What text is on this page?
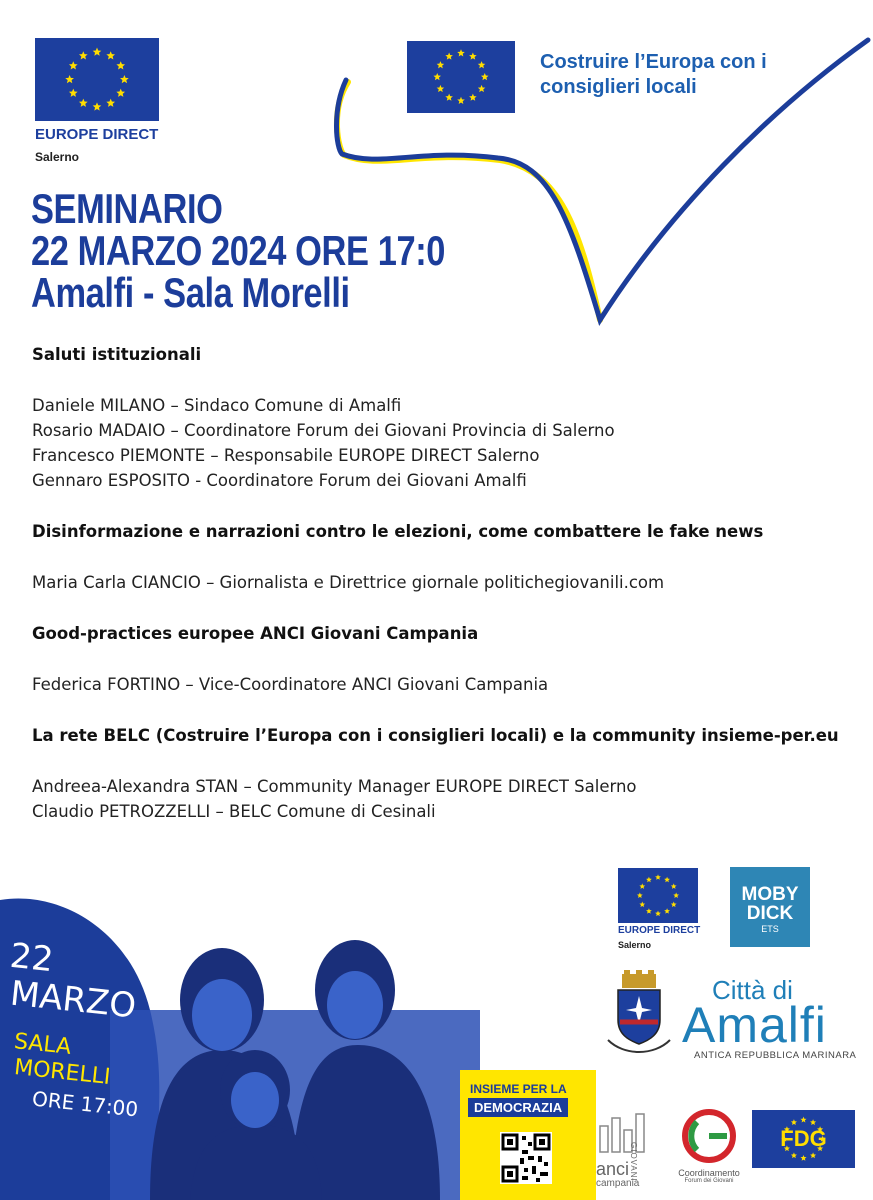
EUROPE DIRECT
Salerno
Costruire l’Europa con i
consiglieri locali
SEMINARIO
22 MARZO 2024 ORE 17:0
Amalfi - Sala Morelli
Saluti istituzionali
Daniele MILANO – Sindaco Comune di Amalfi
Rosario MADAIO – Coordinatore Forum dei Giovani Provincia di Salerno
Francesco PIEMONTE – Responsabile EUROPE DIRECT Salerno
Gennaro ESPOSITO - Coordinatore Forum dei Giovani Amalfi
Disinformazione e narrazioni contro le elezioni, come combattere le fake news
Maria Carla CIANCIO – Giornalista e Direttrice giornale politichegiovanili.com
Good-practices europee ANCI Giovani Campania
Federica FORTINO – Vice-Coordinatore ANCI Giovani Campania
La rete BELC (Costruire l’Europa con i consiglieri locali) e la community insieme-per.eu
Andreea-Alexandra STAN – Community Manager EUROPE DIRECT Salerno
Claudio PETROZZELLI – BELC Comune di Cesinali
22
MARZO
SALA
MORELLI
ORE 17:00	INSIEME PER LA
DEMOCRAZIA
EUROPE DIRECT
Salerno
MOBY
DICK
ETS
Città di
Amalfi
ANTICA REPUBBLICA MARINARA
anci
campania
GIOVANI	Coordinamento
Forum dei Giovani
FDG
